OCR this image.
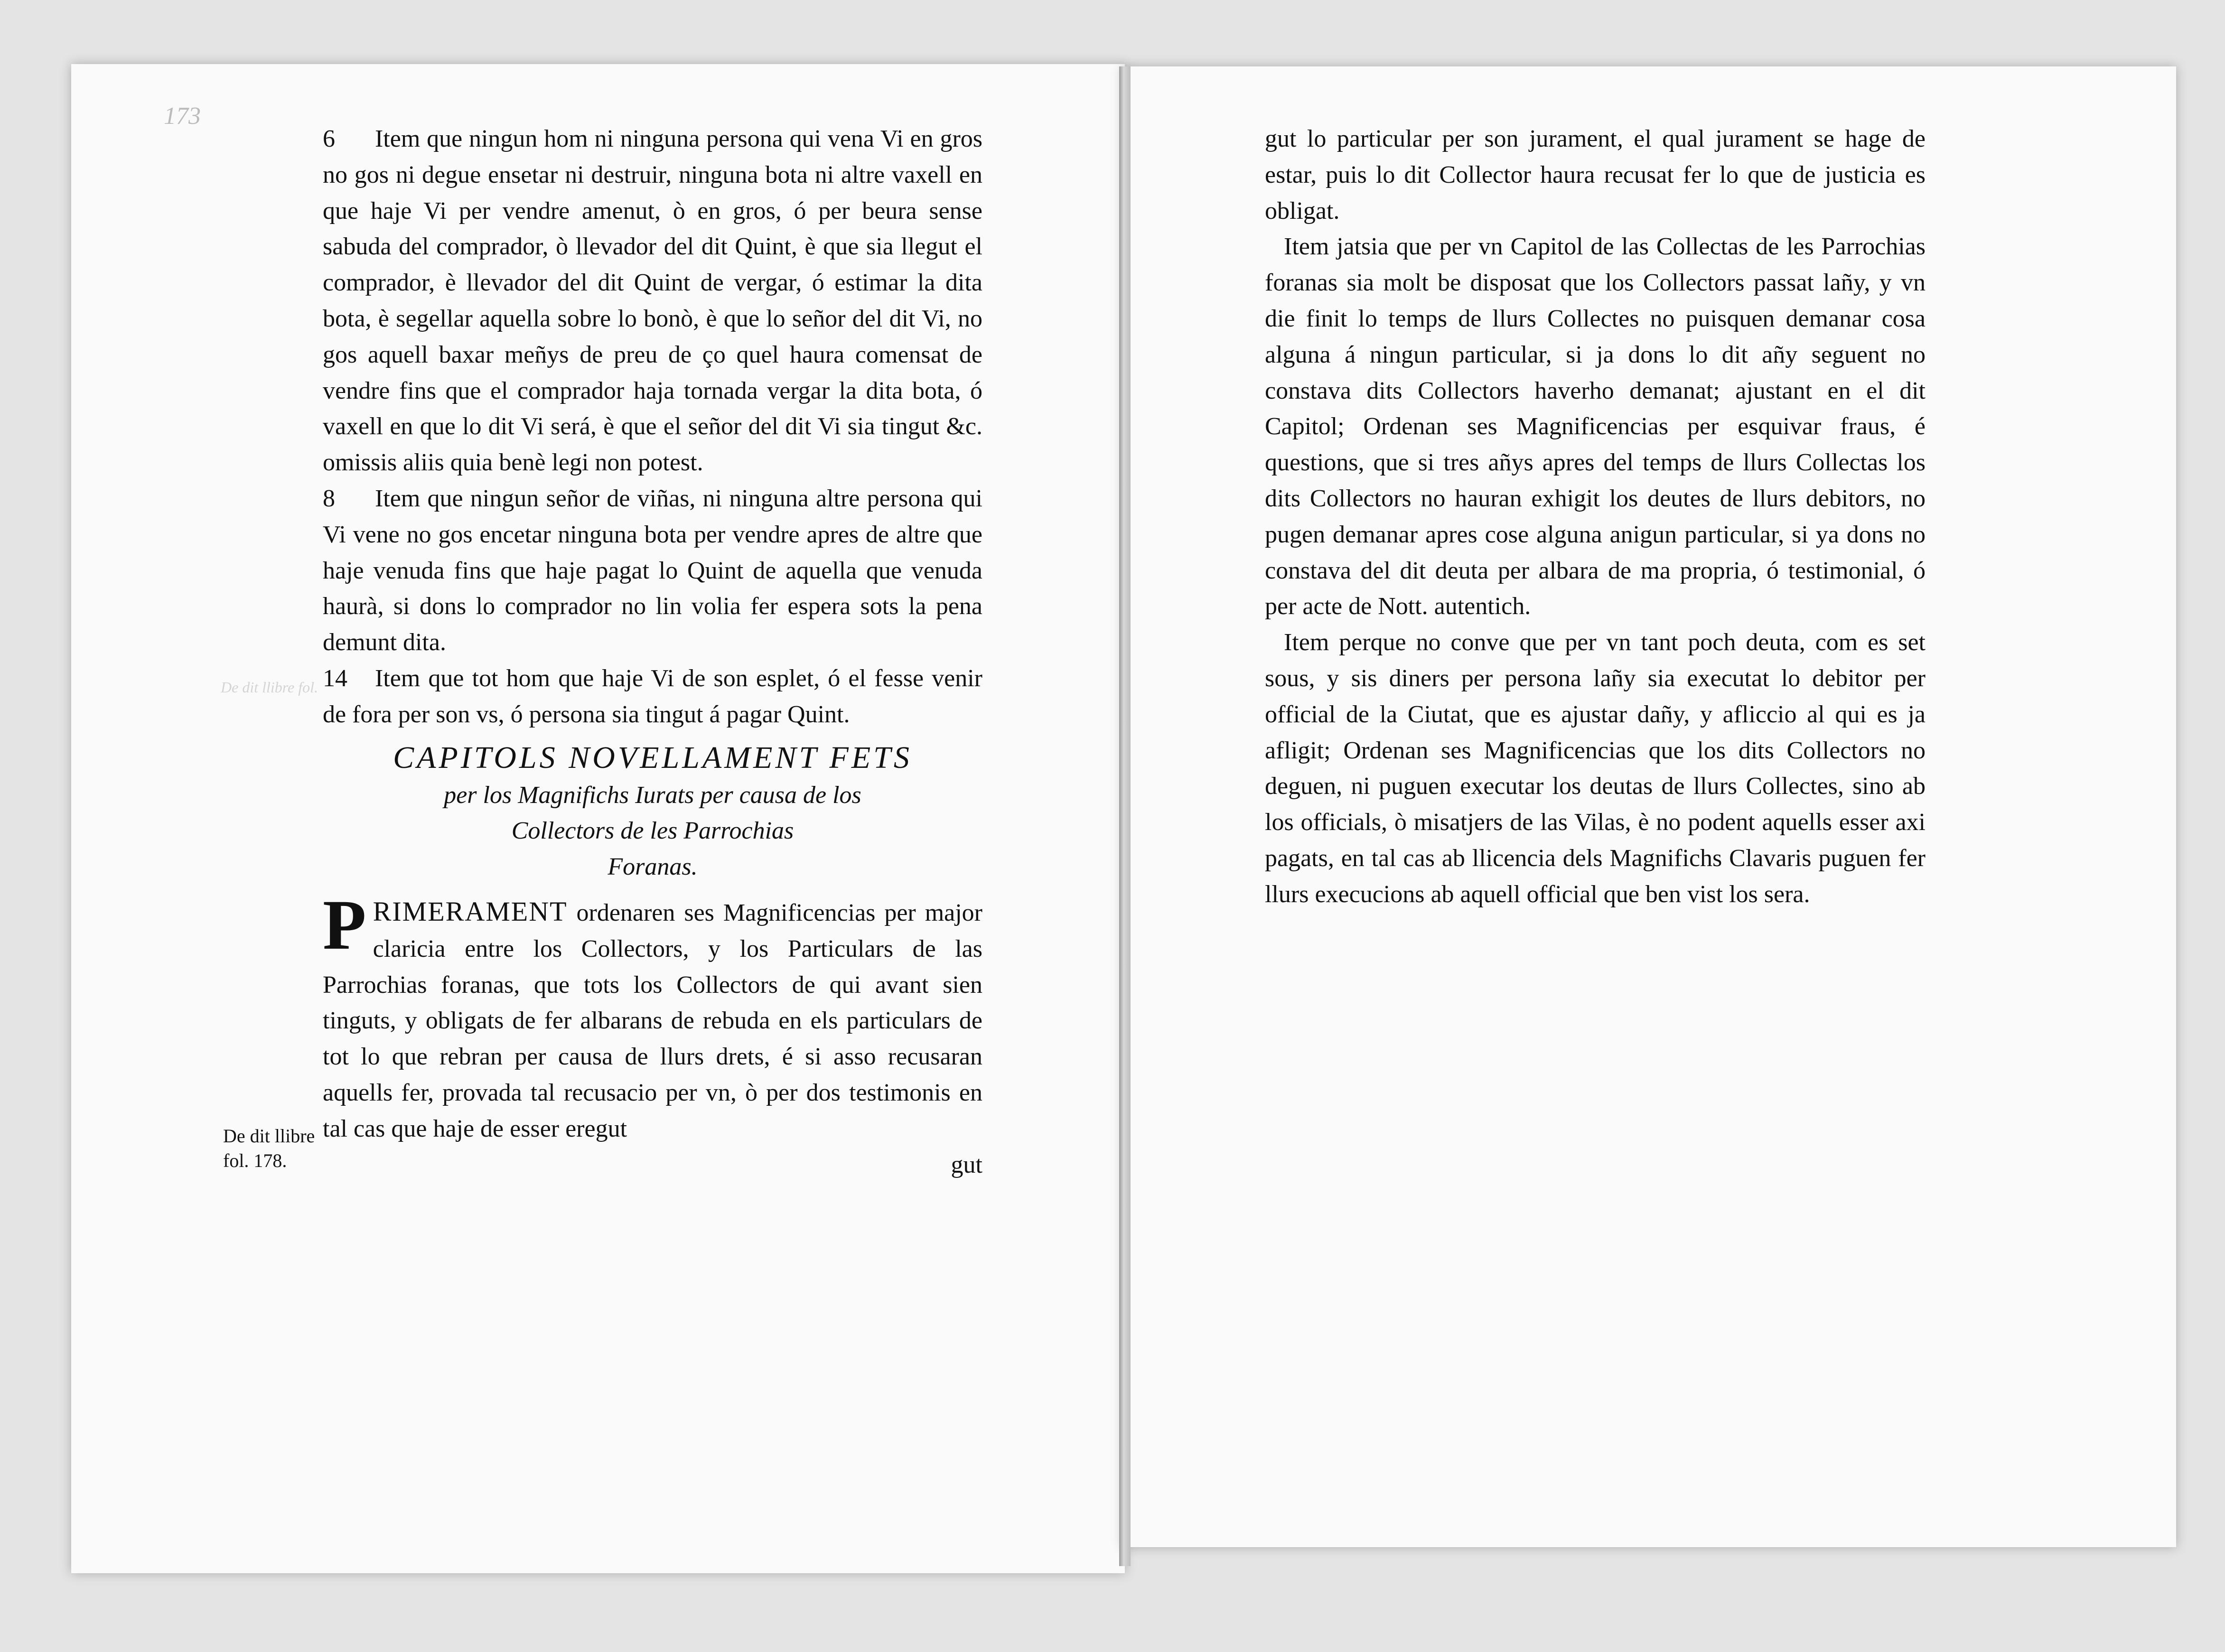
173
De dit llibre fol.

6 Item que ningun hom ni ninguna persona qui vena Vi en gros no gos ni degue ensetar ni destruir, ninguna bota ni altre vaxell en que haje Vi per vendre amenut, ò en gros, ó per beura sense sabuda del comprador, ò llevador del dit Quint, è que sia llegut el comprador, è llevador del dit Quint de vergar, ó estimar la dita bota, è segellar aquella sobre lo bonò, è que lo señor del dit Vi, no gos aquell baxar meñys de preu de ço quel haura comensat de vendre fins que el comprador haja tornada vergar la dita bota, ó vaxell en que lo dit Vi será, è que el señor del dit Vi sia tingut &c. omissis aliis quia benè legi non potest.

8 Item que ningun señor de viñas, ni ninguna altre persona qui Vi vene no gos encetar ninguna bota per vendre apres de altre que haje venuda fins que haje pagat lo Quint de aquella que venuda haurà, si dons lo comprador no lin volia fer espera sots la pena demunt dita.

14 Item que tot hom que haje Vi de son esplet, ó el fesse venir de fora per son vs, ó persona sia tingut á pagar Quint.

CAPITOLS NOVELLAMENT FETS

per los Magnifichs Iurats per causa de los

Collectors de les Parrochias

Foranas.

PRIMERAMENT ordenaren ses Magnificencias per major claricia entre los Collectors, y los Particulars de las Parrochias foranas, que tots los Collectors de qui avant sien tinguts, y obligats de fer albarans de rebuda en els particulars de tot lo que rebran per causa de llurs drets, é si asso recusaran aquells fer, provada tal recusacio per vn, ò per dos testimonis en tal cas que haje de esser eregut

gut

De dit llibre fol. 178.

gut lo particular per son jurament, el qual jurament se hage de estar, puis lo dit Collector haura recusat fer lo que de justicia es obligat.

Item jatsia que per vn Capitol de las Collectas de les Parrochias foranas sia molt be disposat que los Collectors passat lañy, y vn die finit lo temps de llurs Collectes no puisquen demanar cosa alguna á ningun particular, si ja dons lo dit añy seguent no constava dits Collectors haverho demanat; ajustant en el dit Capitol; Ordenan ses Magnificencias per esquivar fraus, é questions, que si tres añys apres del temps de llurs Collectas los dits Collectors no hauran exhigit los deutes de llurs debitors, no pugen demanar apres cose alguna anigun particular, si ya dons no constava del dit deuta per albara de ma propria, ó testimonial, ó per acte de Nott. autentich.

Item perque no conve que per vn tant poch deuta, com es set sous, y sis diners per persona lañy sia executat lo debitor per official de la Ciutat, que es ajustar dañy, y afliccio al qui es ja afligit; Ordenan ses Magnificencias que los dits Collectors no deguen, ni puguen executar los deutas de llurs Collectes, sino ab los officials, ò misatjers de las Vilas, è no podent aquells esser axi pagats, en tal cas ab llicencia dels Magnifichs Clavaris puguen fer llurs execucions ab aquell official que ben vist los sera.
